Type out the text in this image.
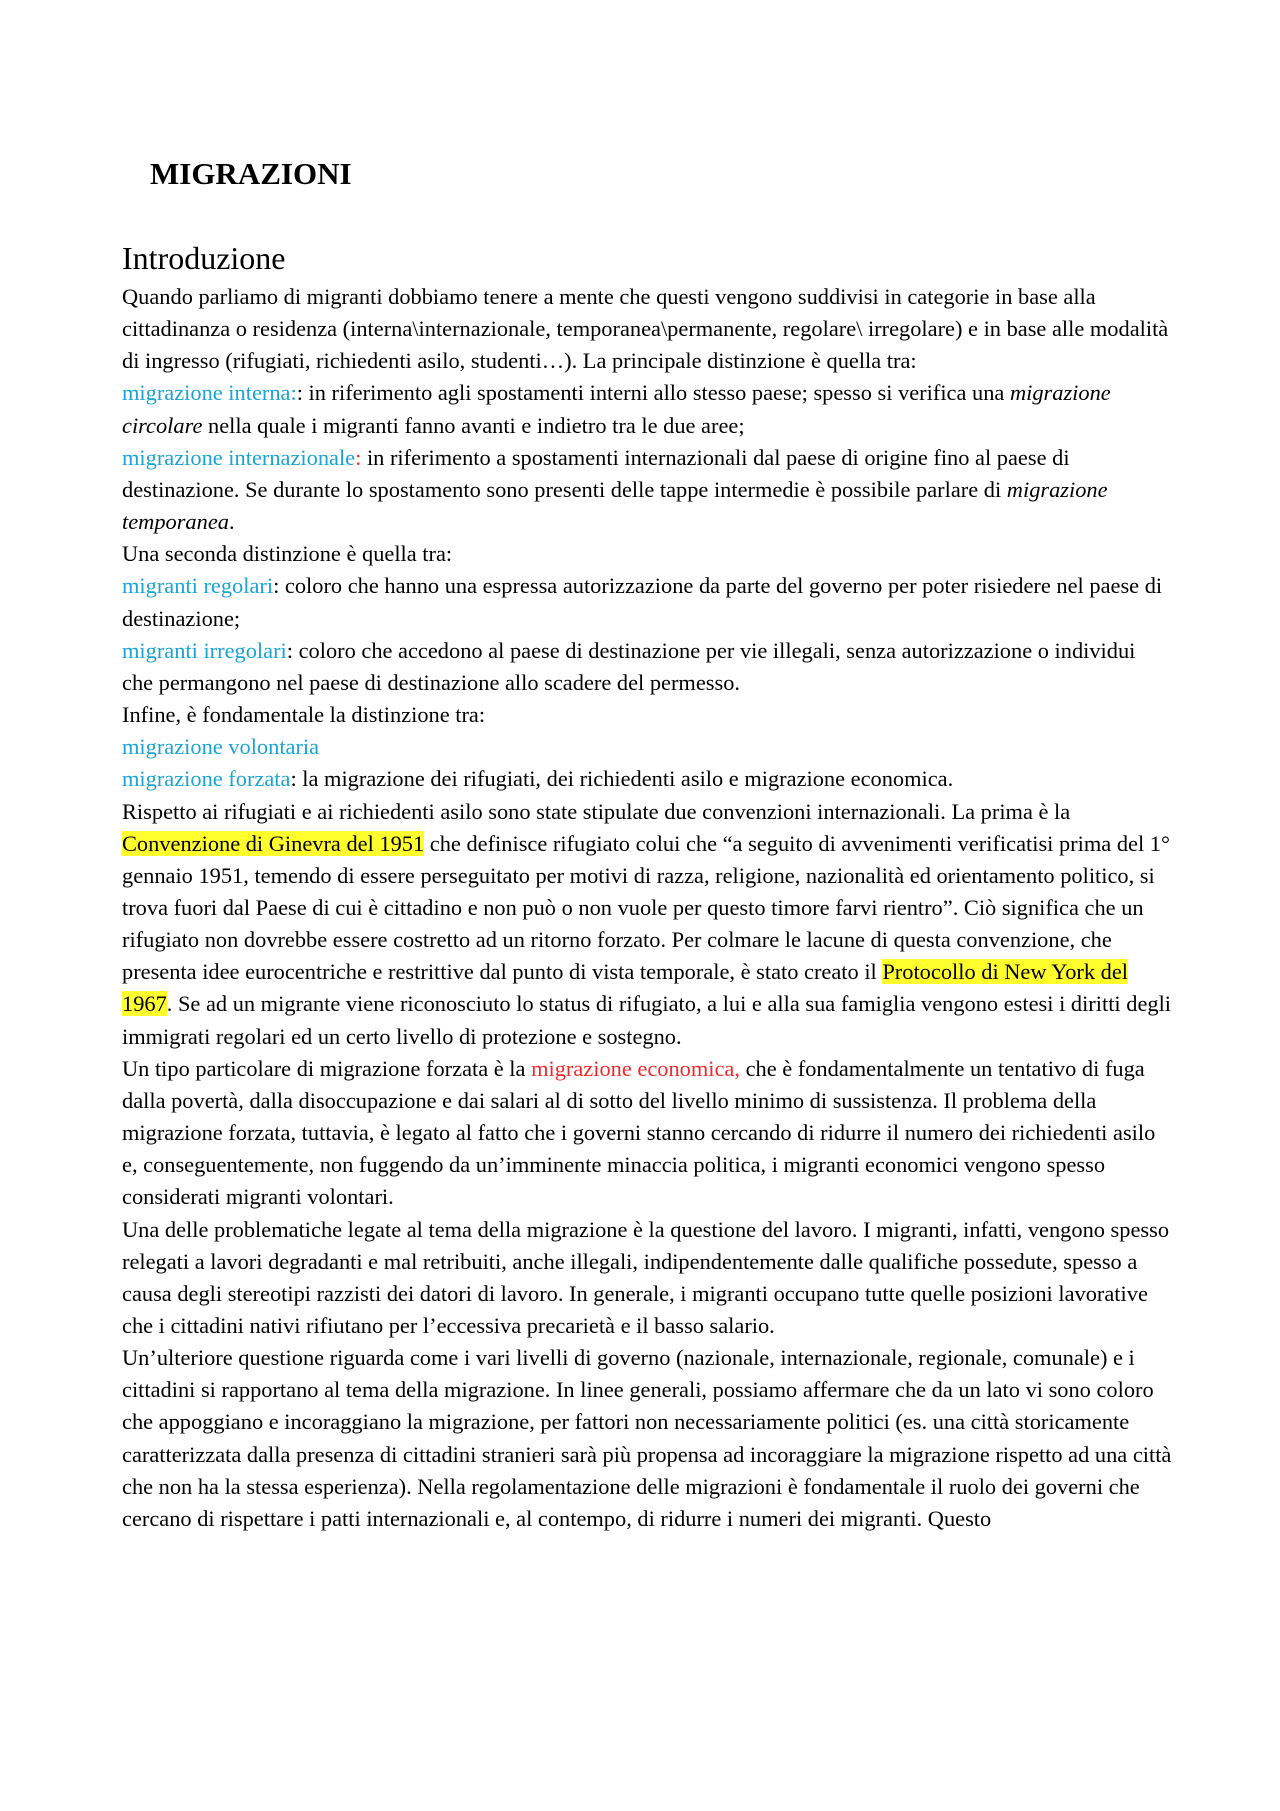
MIGRAZIONI
Introduzione

Quando parliamo di migranti dobbiamo tenere a mente che questi vengono suddivisi in categorie in base alla cittadinanza o residenza (interna\internazionale, temporanea\permanente, regolare\ irregolare) e in base alle modalità di ingresso (rifugiati, richiedenti asilo, studenti…). La principale distinzione è quella tra:

migrazione interna:: in riferimento agli spostamenti interni allo stesso paese; spesso si verifica una migrazione circolare nella quale i migranti fanno avanti e indietro tra le due aree;

migrazione internazionale: in riferimento a spostamenti internazionali dal paese di origine fino al paese di destinazione. Se durante lo spostamento sono presenti delle tappe intermedie è possibile parlare di migrazione temporanea.

Una seconda distinzione è quella tra:

migranti regolari: coloro che hanno una espressa autorizzazione da parte del governo per poter risiedere nel paese di destinazione;

migranti irregolari: coloro che accedono al paese di destinazione per vie illegali, senza autorizzazione o individui che permangono nel paese di destinazione allo scadere del permesso.

Infine, è fondamentale la distinzione tra:

migrazione volontaria

migrazione forzata: la migrazione dei rifugiati, dei richiedenti asilo e migrazione economica.

Rispetto ai rifugiati e ai richiedenti asilo sono state stipulate due convenzioni internazionali. La prima è la Convenzione di Ginevra del 1951 che definisce rifugiato colui che “a seguito di avvenimenti verificatisi prima del 1° gennaio 1951, temendo di essere perseguitato per motivi di razza, religione, nazionalità ed orientamento politico, si trova fuori dal Paese di cui è cittadino e non può o non vuole per questo timore farvi rientro”. Ciò significa che un rifugiato non dovrebbe essere costretto ad un ritorno forzato. Per colmare le lacune di questa convenzione, che presenta idee eurocentriche e restrittive dal punto di vista temporale, è stato creato il Protocollo di New York del 1967. Se ad un migrante viene riconosciuto lo status di rifugiato, a lui e alla sua famiglia vengono estesi i diritti degli immigrati regolari ed un certo livello di protezione e sostegno.

Un tipo particolare di migrazione forzata è la migrazione economica, che è fondamentalmente un tentativo di fuga dalla povertà, dalla disoccupazione e dai salari al di sotto del livello minimo di sussistenza. Il problema della migrazione forzata, tuttavia, è legato al fatto che i governi stanno cercando di ridurre il numero dei richiedenti asilo e, conseguentemente, non fuggendo da un’imminente minaccia politica, i migranti economici vengono spesso considerati migranti volontari.

Una delle problematiche legate al tema della migrazione è la questione del lavoro. I migranti, infatti, vengono spesso relegati a lavori degradanti e mal retribuiti, anche illegali, indipendentemente dalle qualifiche possedute, spesso a causa degli stereotipi razzisti dei datori di lavoro. In generale, i migranti occupano tutte quelle posizioni lavorative che i cittadini nativi rifiutano per l’eccessiva precarietà e il basso salario.

Un’ulteriore questione riguarda come i vari livelli di governo (nazionale, internazionale, regionale, comunale) e i cittadini si rapportano al tema della migrazione. In linee generali, possiamo affermare che da un lato vi sono coloro che appoggiano e incoraggiano la migrazione, per fattori non necessariamente politici (es. una città storicamente caratterizzata dalla presenza di cittadini stranieri sarà più propensa ad incoraggiare la migrazione rispetto ad una città che non ha la stessa esperienza). Nella regolamentazione delle migrazioni è fondamentale il ruolo dei governi che cercano di rispettare i patti internazionali e, al contempo, di ridurre i numeri dei migranti. Questo
